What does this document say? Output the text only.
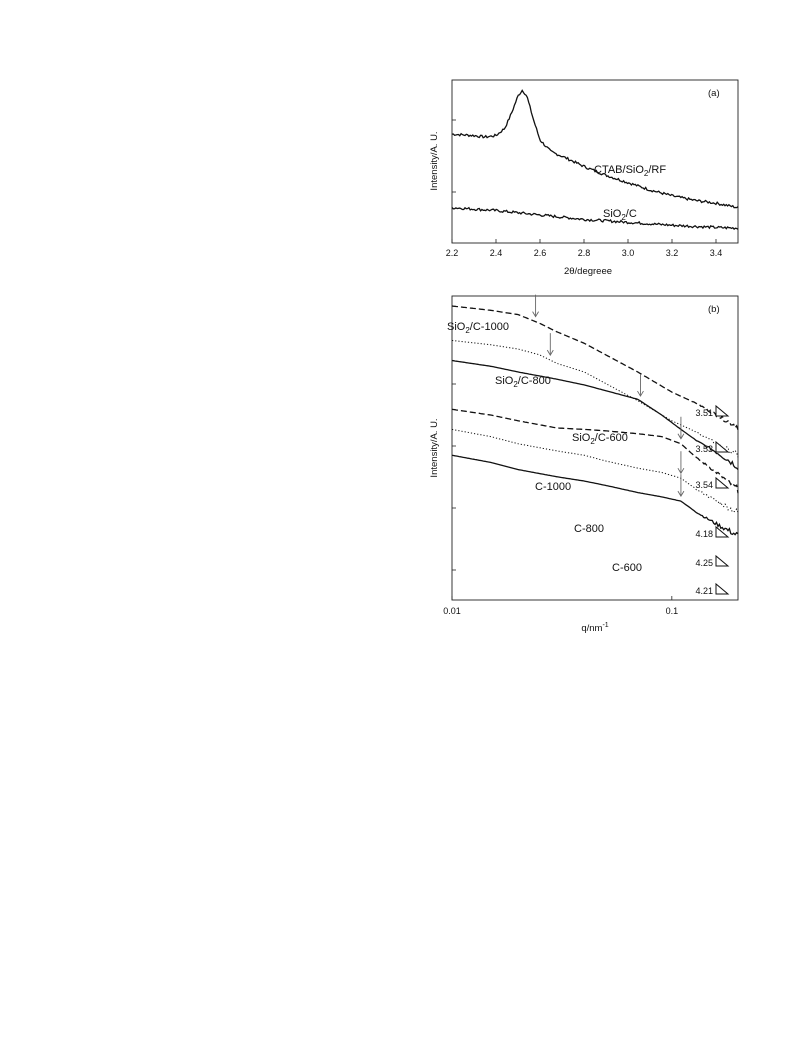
(a)
Intensity/A. U.
2θ/degreee
2.2	2.4	2.6	2.8	3.0	3.2	3.4
CTAB/SiO$_2$/RF
SiO$_2$/C
(b)
Intensity/A. U.
$q/nm^{-1}$
0.01	0.1
3.51
3.53
3.54
4.18
4.25
4.21
SiO$_2$/C-1000
SiO$_2$/C-800
SiO$_2$/C-600
C-1000
C-800
C-600
